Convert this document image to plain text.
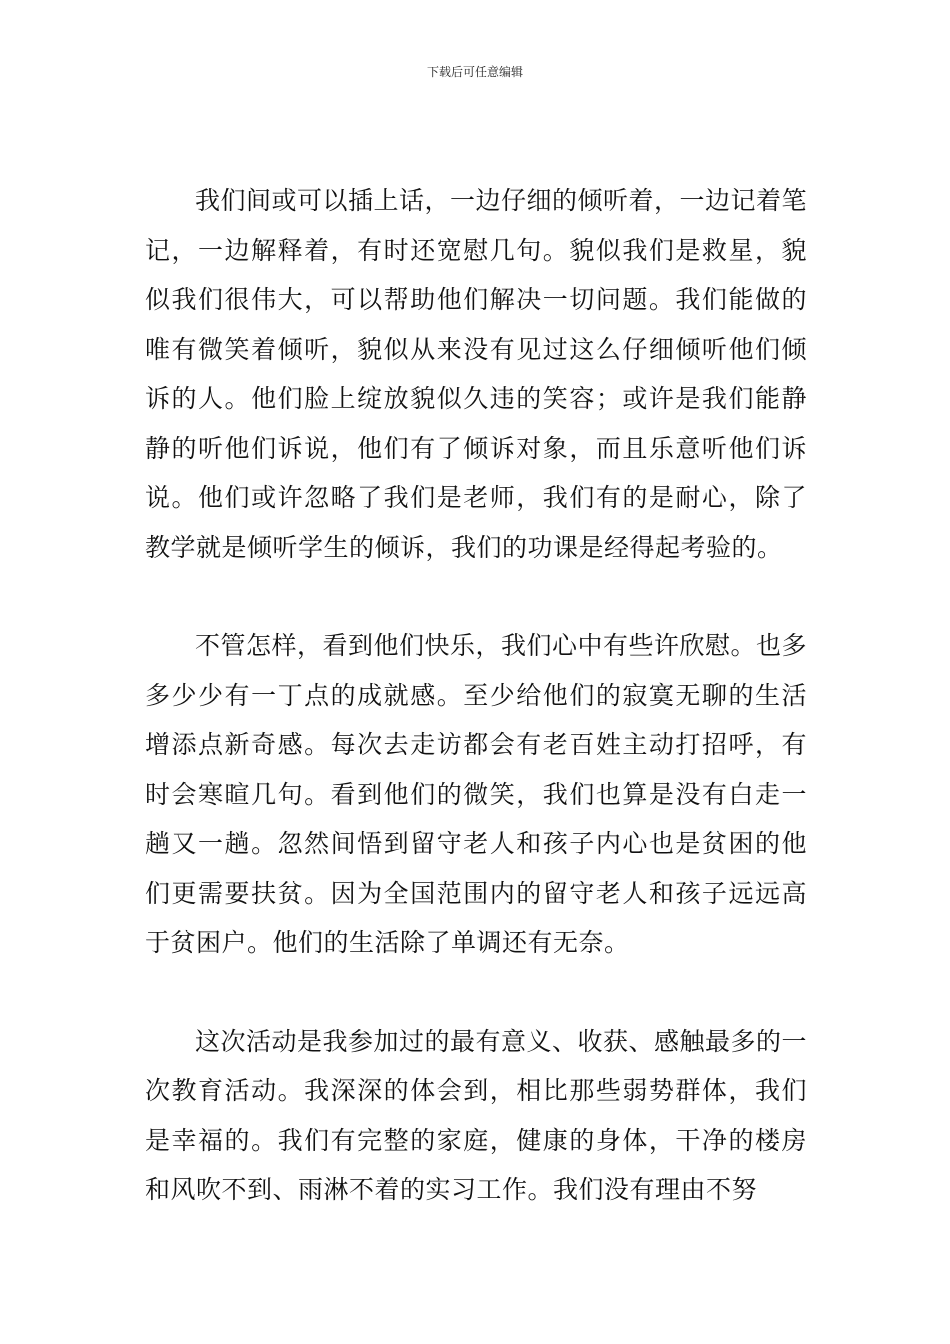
下载后可任意编辑

我们间或可以插上话，一边仔细的倾听着，一边记着笔记，一边解释着，有时还宽慰几句。貌似我们是救星，貌似我们很伟大，可以帮助他们解决一切问题。我们能做的唯有微笑着倾听，貌似从来没有见过这么仔细倾听他们倾诉的人。他们脸上绽放貌似久违的笑容；或许是我们能静静的听他们诉说，他们有了倾诉对象，而且乐意听他们诉说。他们或许忽略了我们是老师，我们有的是耐心，除了教学就是倾听学生的倾诉，我们的功课是经得起考验的。

不管怎样，看到他们快乐，我们心中有些许欣慰。也多多少少有一丁点的成就感。至少给他们的寂寞无聊的生活增添点新奇感。每次去走访都会有老百姓主动打招呼，有时会寒暄几句。看到他们的微笑，我们也算是没有白走一趟又一趟。忽然间悟到留守老人和孩子内心也是贫困的他们更需要扶贫。因为全国范围内的留守老人和孩子远远高于贫困户。他们的生活除了单调还有无奈。

这次活动是我参加过的最有意义、收获、感触最多的一次教育活动。我深深的体会到，相比那些弱势群体，我们是幸福的。我们有完整的家庭，健康的身体，干净的楼房和风吹不到、雨淋不着的实习工作。我们没有理由不努
